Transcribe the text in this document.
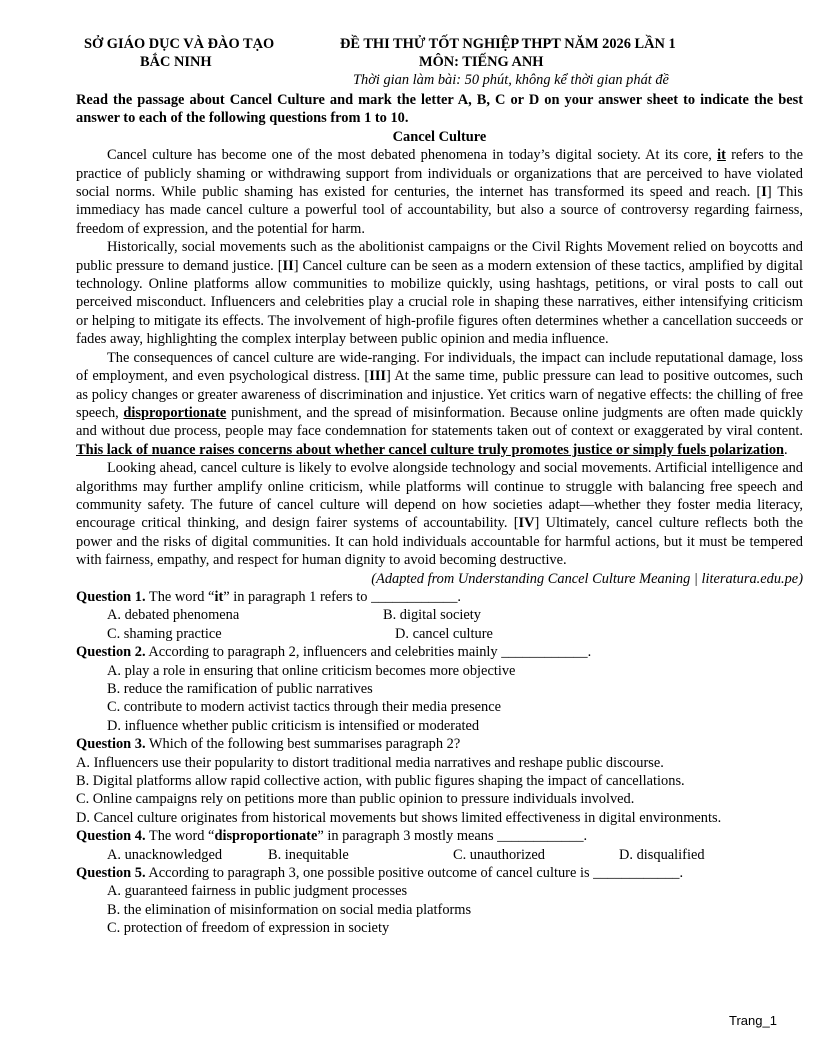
SỞ GIÁO DỤC VÀ ĐÀO TẠO
BẮC NINH
ĐỀ THI THỬ TỐT NGHIỆP THPT NĂM 2026 LẦN 1
MÔN: TIẾNG ANH
Thời gian làm bài: 50 phút, không kể thời gian phát đề

Read the passage about Cancel Culture and mark the letter A, B, C or D on your answer sheet to indicate the best answer to each of the following questions from 1 to 10.

Cancel Culture

Cancel culture has become one of the most debated phenomena in today’s digital society. At its core, it refers to the practice of publicly shaming or withdrawing support from individuals or organizations that are perceived to have violated social norms. While public shaming has existed for centuries, the internet has transformed its speed and reach. [I] This immediacy has made cancel culture a powerful tool of accountability, but also a source of controversy regarding fairness, freedom of expression, and the potential for harm.

Historically, social movements such as the abolitionist campaigns or the Civil Rights Movement relied on boycotts and public pressure to demand justice. [II] Cancel culture can be seen as a modern extension of these tactics, amplified by digital technology. Online platforms allow communities to mobilize quickly, using hashtags, petitions, or viral posts to call out perceived misconduct. Influencers and celebrities play a crucial role in shaping these narratives, either intensifying criticism or helping to mitigate its effects. The involvement of high-profile figures often determines whether a cancellation succeeds or fades away, highlighting the complex interplay between public opinion and media influence.

The consequences of cancel culture are wide-ranging. For individuals, the impact can include reputational damage, loss of employment, and even psychological distress. [III] At the same time, public pressure can lead to positive outcomes, such as policy changes or greater awareness of discrimination and injustice. Yet critics warn of negative effects: the chilling of free speech, disproportionate punishment, and the spread of misinformation. Because online judgments are often made quickly and without due process, people may face condemnation for statements taken out of context or exaggerated by viral content. This lack of nuance raises concerns about whether cancel culture truly promotes justice or simply fuels polarization.

Looking ahead, cancel culture is likely to evolve alongside technology and social movements. Artificial intelligence and algorithms may further amplify online criticism, while platforms will continue to struggle with balancing free speech and community safety. The future of cancel culture will depend on how societies adapt—whether they foster media literacy, encourage critical thinking, and design fairer systems of accountability. [IV] Ultimately, cancel culture reflects both the power and the risks of digital communities. It can hold individuals accountable for harmful actions, but it must be tempered with fairness, empathy, and respect for human dignity to avoid becoming destructive.

(Adapted from Understanding Cancel Culture Meaning | literatura.edu.pe)

Question 1. The word “it” in paragraph 1 refers to ____________.

A. debated phenomena	B. digital society
C. shaming practice	D. cancel culture

Question 2. According to paragraph 2, influencers and celebrities mainly ____________.

A. play a role in ensuring that online criticism becomes more objective

B. reduce the ramification of public narratives

C. contribute to modern activist tactics through their media presence

D. influence whether public criticism is intensified or moderated

Question 3. Which of the following best summarises paragraph 2?

A. Influencers use their popularity to distort traditional media narratives and reshape public discourse.

B. Digital platforms allow rapid collective action, with public figures shaping the impact of cancellations.

C. Online campaigns rely on petitions more than public opinion to pressure individuals involved.

D. Cancel culture originates from historical movements but shows limited effectiveness in digital environments.

Question 4. The word “disproportionate” in paragraph 3 mostly means ____________.

A. unacknowledged	B. inequitable	C. unauthorized	D. disqualified

Question 5. According to paragraph 3, one possible positive outcome of cancel culture is ____________.

A. guaranteed fairness in public judgment processes

B. the elimination of misinformation on social media platforms

C. protection of freedom of expression in society

Trang_1
